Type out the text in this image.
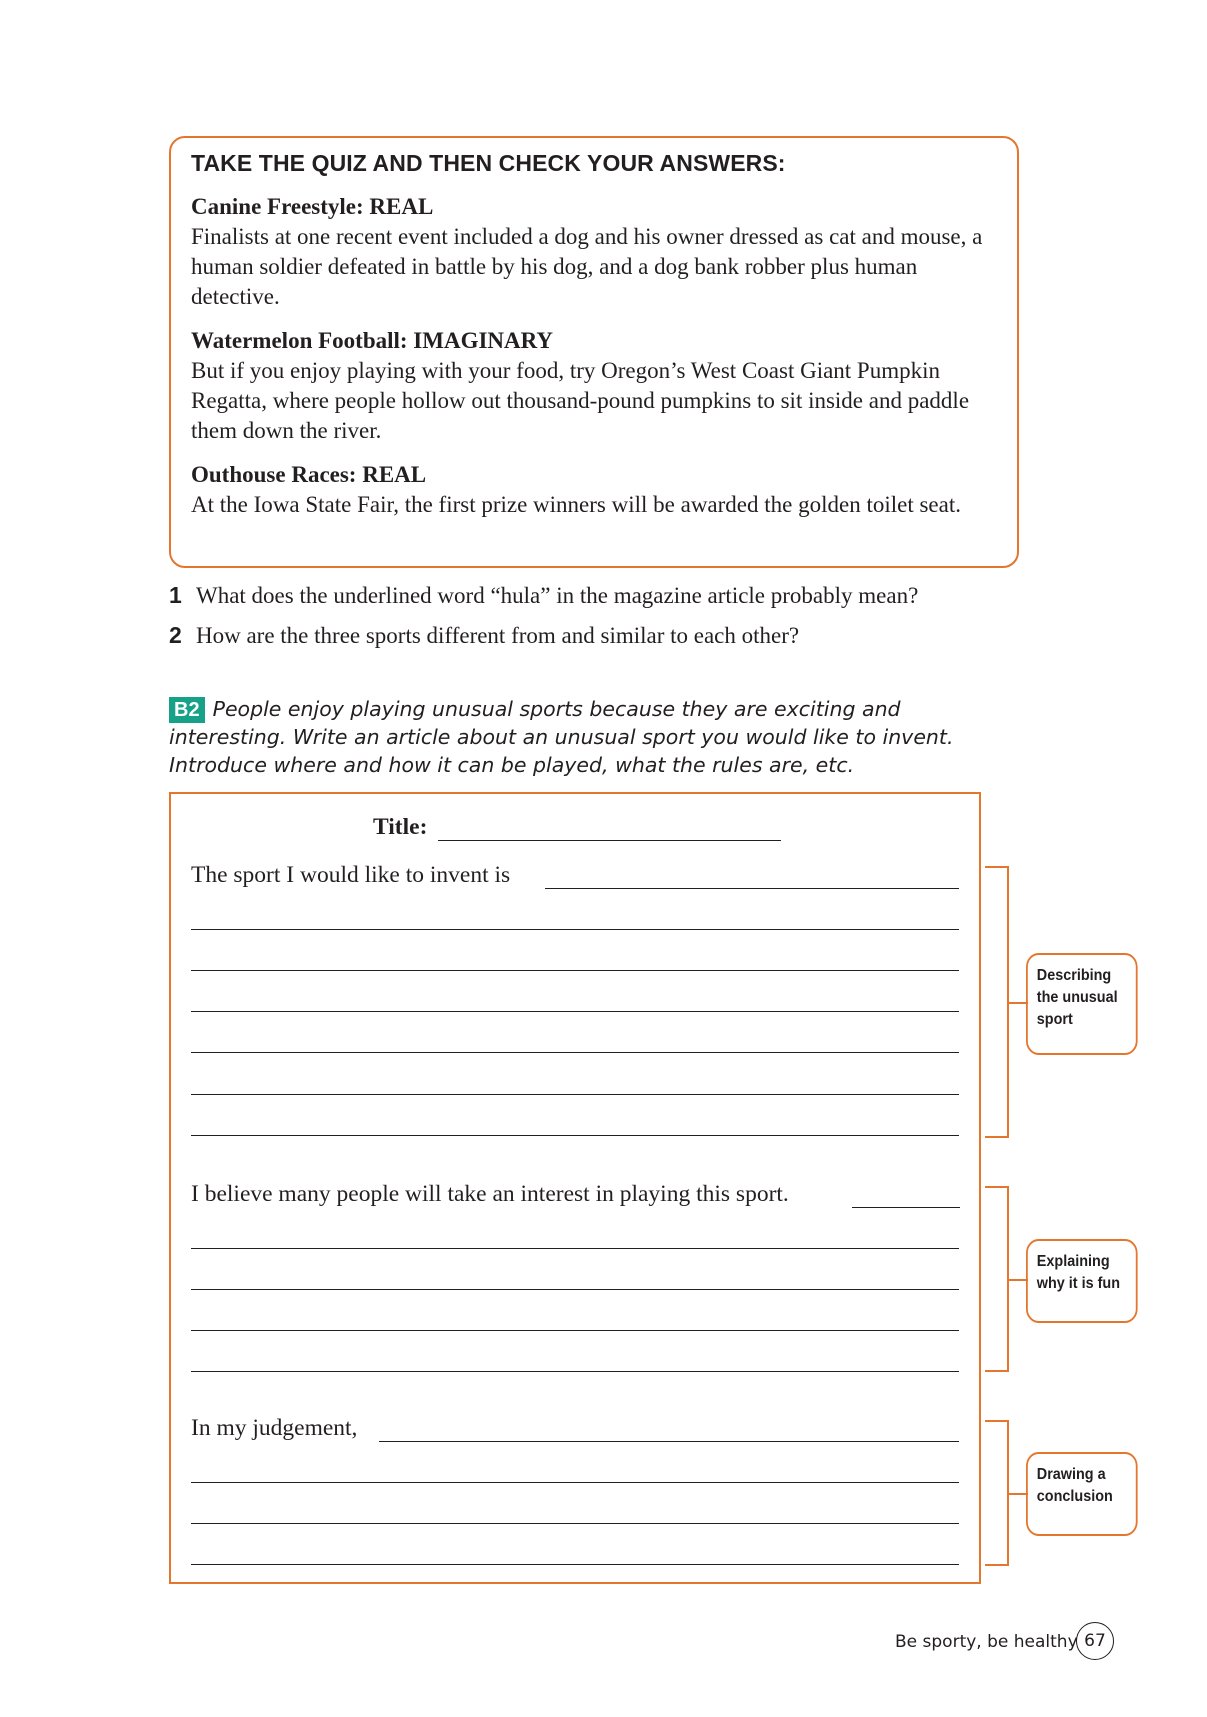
TAKE THE QUIZ AND THEN CHECK YOUR ANSWERS:
Canine Freestyle: REAL
Finalists at one recent event included a dog and his owner dressed as cat and mouse, a human soldier defeated in battle by his dog, and a dog bank robber plus human detective.
Watermelon Football: IMAGINARY
But if you enjoy playing with your food, try Oregon’s West Coast Giant Pumpkin Regatta, where people hollow out thousand-pound pumpkins to sit inside and paddle them down the river.
Outhouse Races: REAL
At the Iowa State Fair, the first prize winners will be awarded the golden toilet seat.
1 What does the underlined word “hula” in the magazine article probably mean?
2 How are the three sports different from and similar to each other?
B2 People enjoy playing unusual sports because they are exciting and interesting. Write an article about an unusual sport you would like to invent. Introduce where and how it can be played, what the rules are, etc.
Title:
The sport I would like to invent is
I believe many people will take an interest in playing this sport.
In my judgement,
Describing the unusual sport
Explaining why it is fun
Drawing a conclusion
Be sporty, be healthy 67
